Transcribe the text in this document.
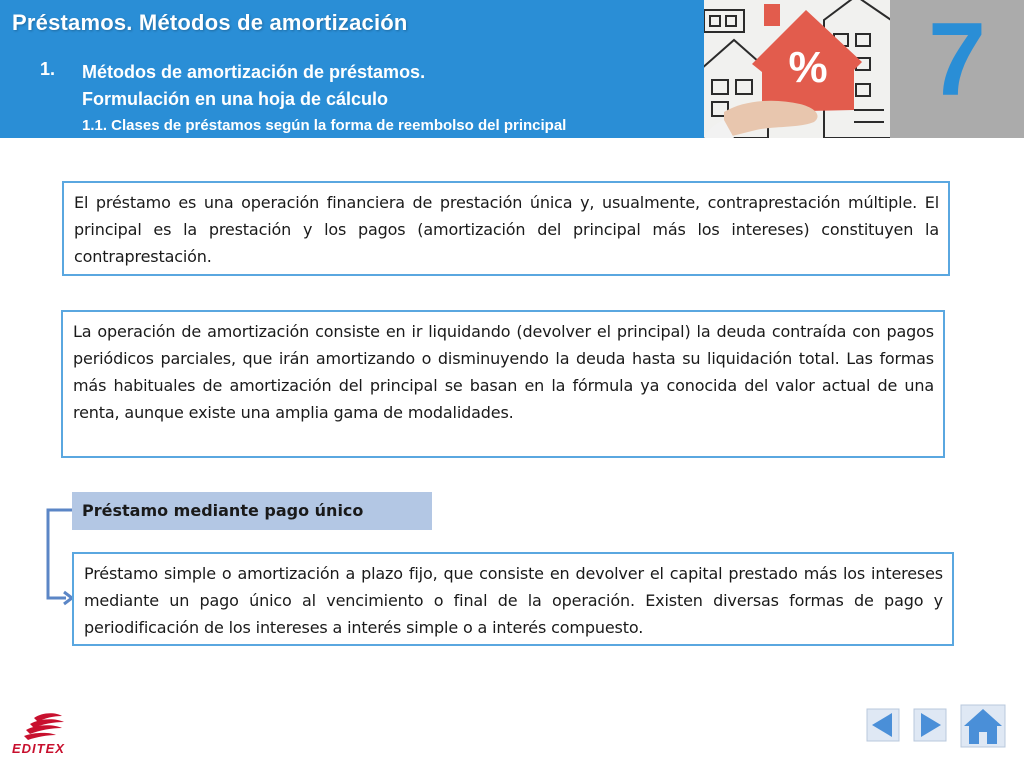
Préstamos. Métodos de amortización
1. Métodos de amortización de préstamos.
Formulación en una hoja de cálculo
% 7
1.1. Clases de préstamos según la forma de reembolso del principal
El préstamo es una operación financiera de prestación única y, usualmente, contraprestación múltiple. El principal es la prestación y los pagos (amortización del principal más los intereses) constituyen la contraprestación.
La operación de amortización consiste en ir liquidando (devolver el principal) la deuda contraída con pagos periódicos parciales, que irán amortizando o disminuyendo la deuda hasta su liquidación total. Las formas más habituales de amortización del principal se basan en la fórmula ya conocida del valor actual de una renta, aunque existe una amplia gama de modalidades.
Préstamo mediante pago único
Préstamo simple o amortización a plazo fijo, que consiste en devolver el capital prestado más los intereses mediante un pago único al vencimiento o final de la operación. Existen diversas formas de pago y periodificación de los intereses a interés simple o a interés compuesto.
EDITEX
